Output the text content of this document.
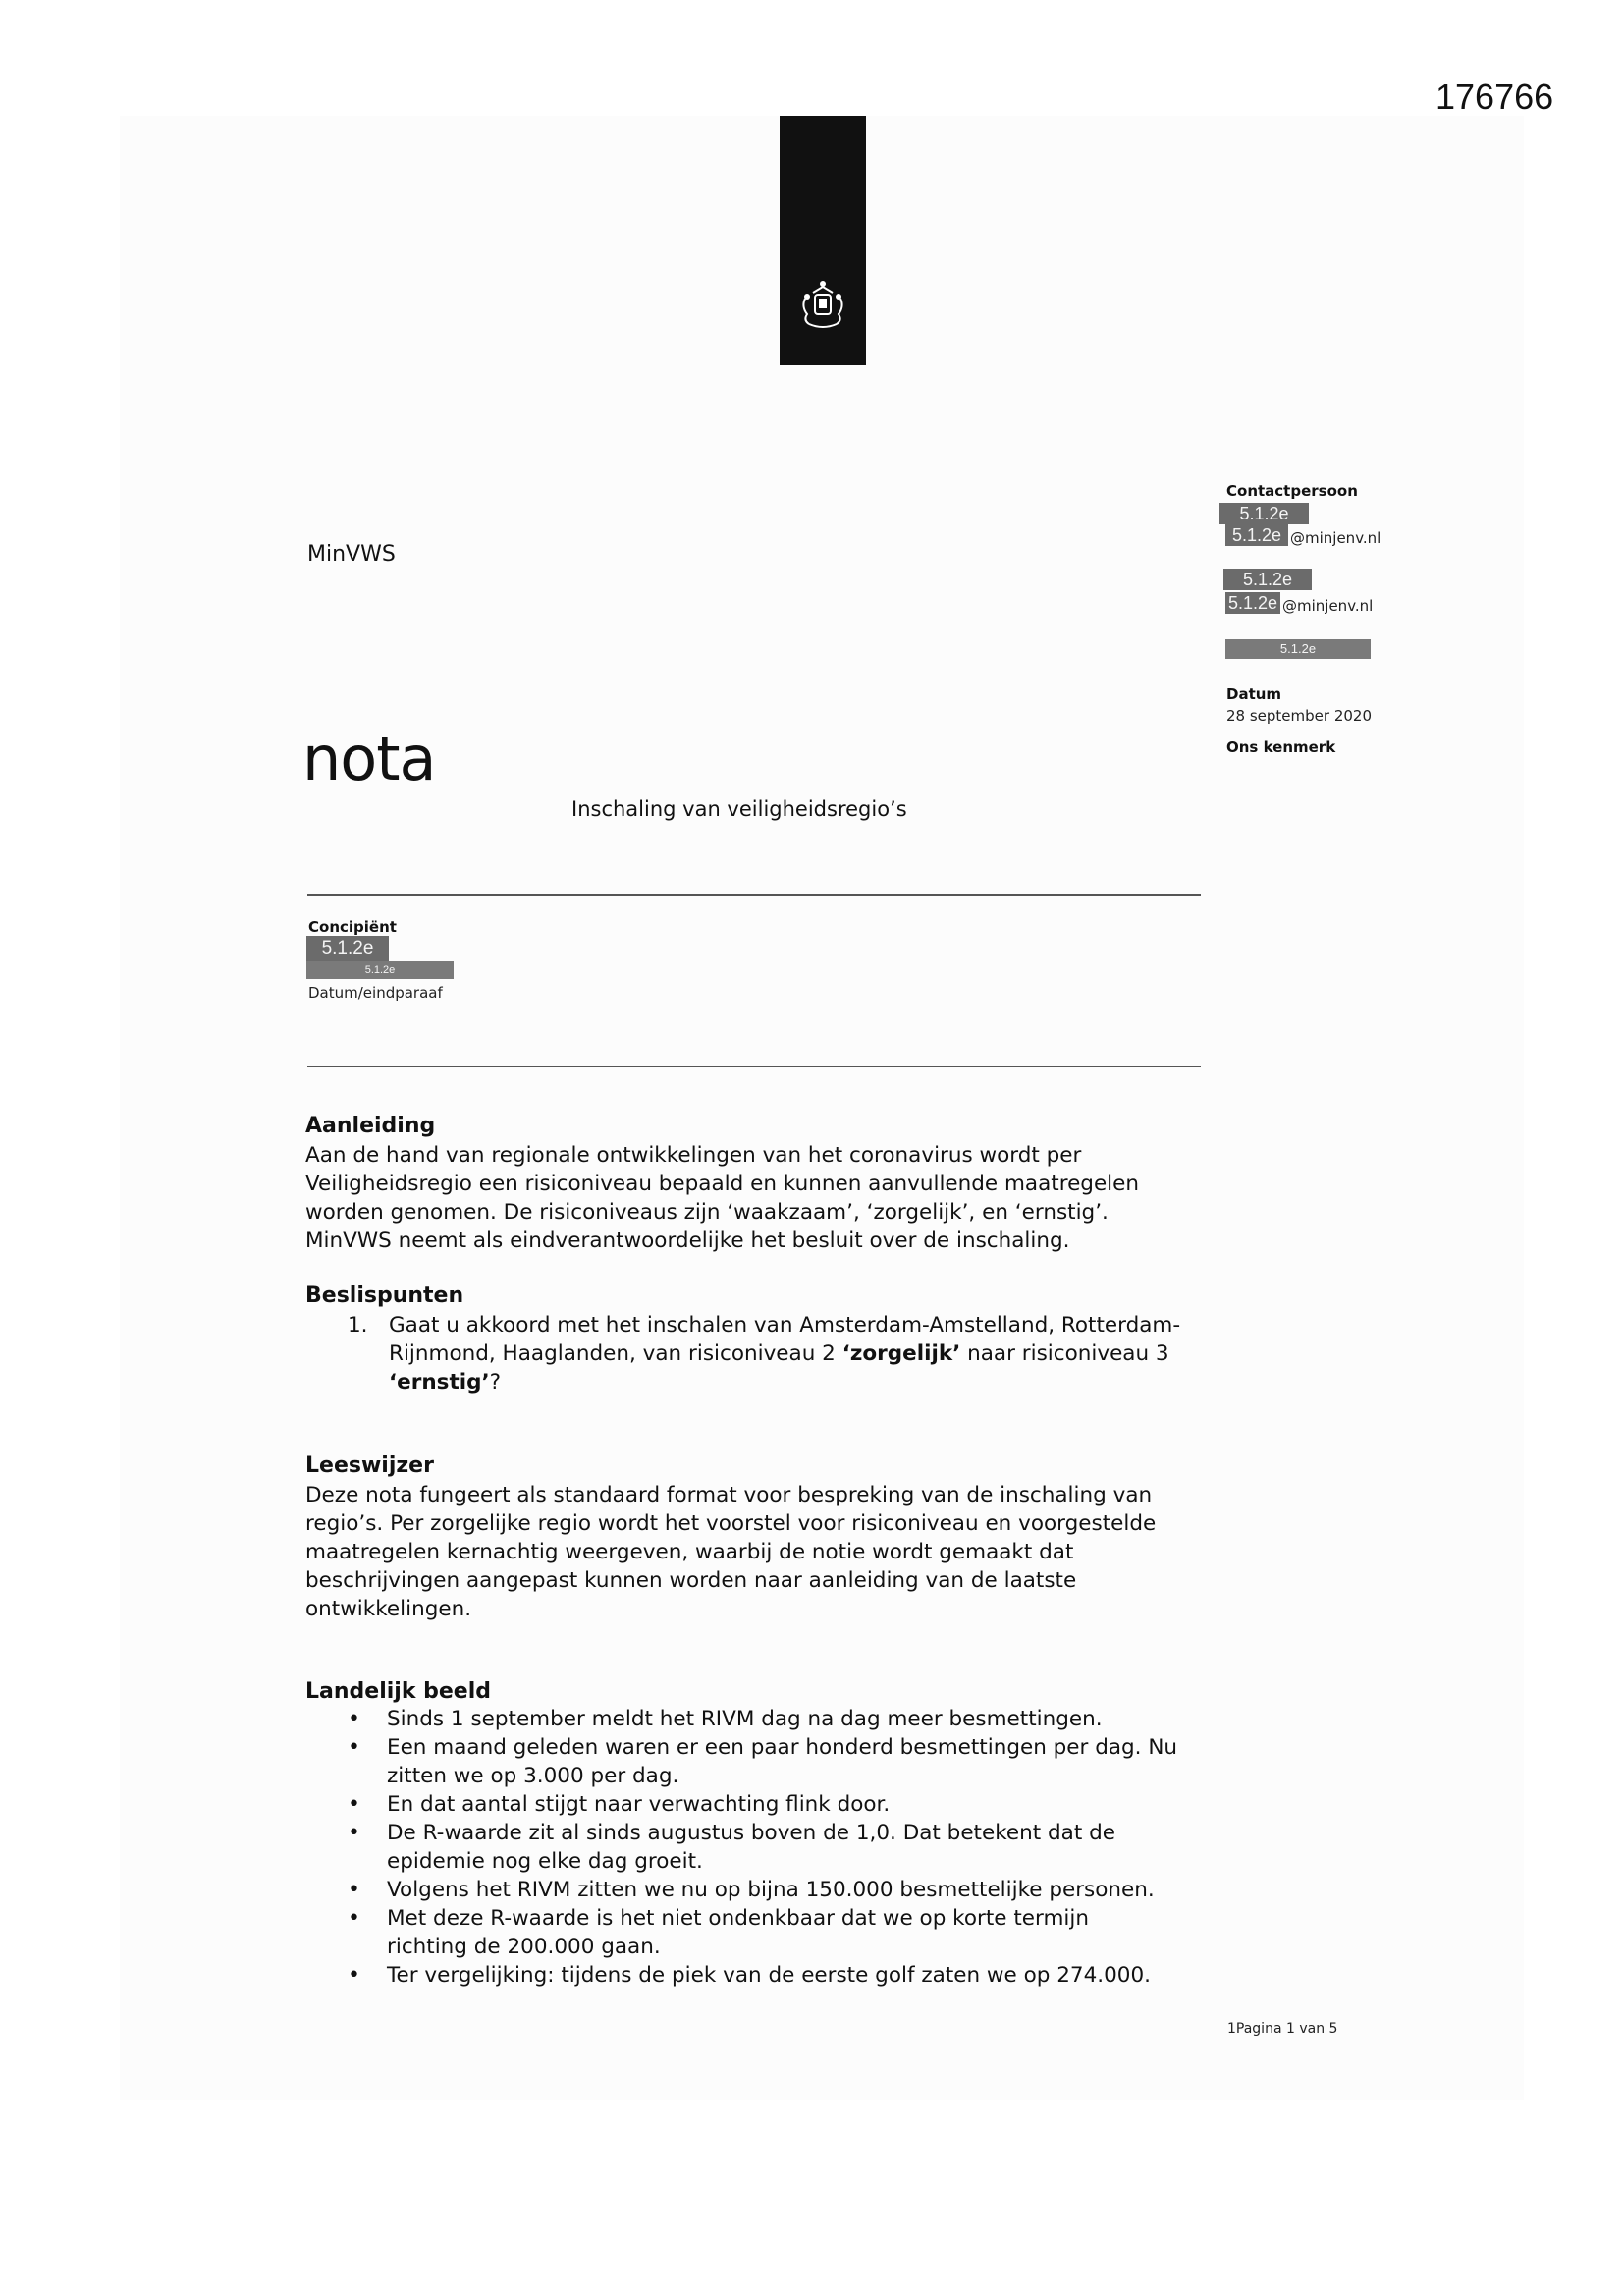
176766
MinVWS
nota
Inschaling van veiligheidsregio’s
Contactpersoon
5.1.2e
5.1.2e @minjenv.nl
5.1.2e
5.1.2e @minjenv.nl
5.1.2e
Datum
28 september 2020
Ons kenmerk
Concipiënt
5.1.2e
5.1.2e
Datum/eindparaaf
Aanleiding
Aan de hand van regionale ontwikkelingen van het coronavirus wordt per
Veiligheidsregio een risiconiveau bepaald en kunnen aanvullende maatregelen
worden genomen. De risiconiveaus zijn ‘waakzaam’, ‘zorgelijk’, en ‘ernstig’.
MinVWS neemt als eindverantwoordelijke het besluit over de inschaling.
Beslispunten
1. Gaat u akkoord met het inschalen van Amsterdam-Amstelland, Rotterdam-
Rijnmond, Haaglanden, van risiconiveau 2 ‘zorgelijk’ naar risiconiveau 3
‘ernstig’?
Leeswijzer
Deze nota fungeert als standaard format voor bespreking van de inschaling van
regio’s. Per zorgelijke regio wordt het voorstel voor risiconiveau en voorgestelde
maatregelen kernachtig weergeven, waarbij de notie wordt gemaakt dat
beschrijvingen aangepast kunnen worden naar aanleiding van de laatste
ontwikkelingen.
Landelijk beeld
• Sinds 1 september meldt het RIVM dag na dag meer besmettingen.
• Een maand geleden waren er een paar honderd besmettingen per dag. Nu
zitten we op 3.000 per dag.
• En dat aantal stijgt naar verwachting flink door.
• De R-waarde zit al sinds augustus boven de 1,0. Dat betekent dat de
epidemie nog elke dag groeit.
• Volgens het RIVM zitten we nu op bijna 150.000 besmettelijke personen.
• Met deze R-waarde is het niet ondenkbaar dat we op korte termijn
richting de 200.000 gaan.
• Ter vergelijking: tijdens de piek van de eerste golf zaten we op 274.000.
1Pagina 1 van 5
